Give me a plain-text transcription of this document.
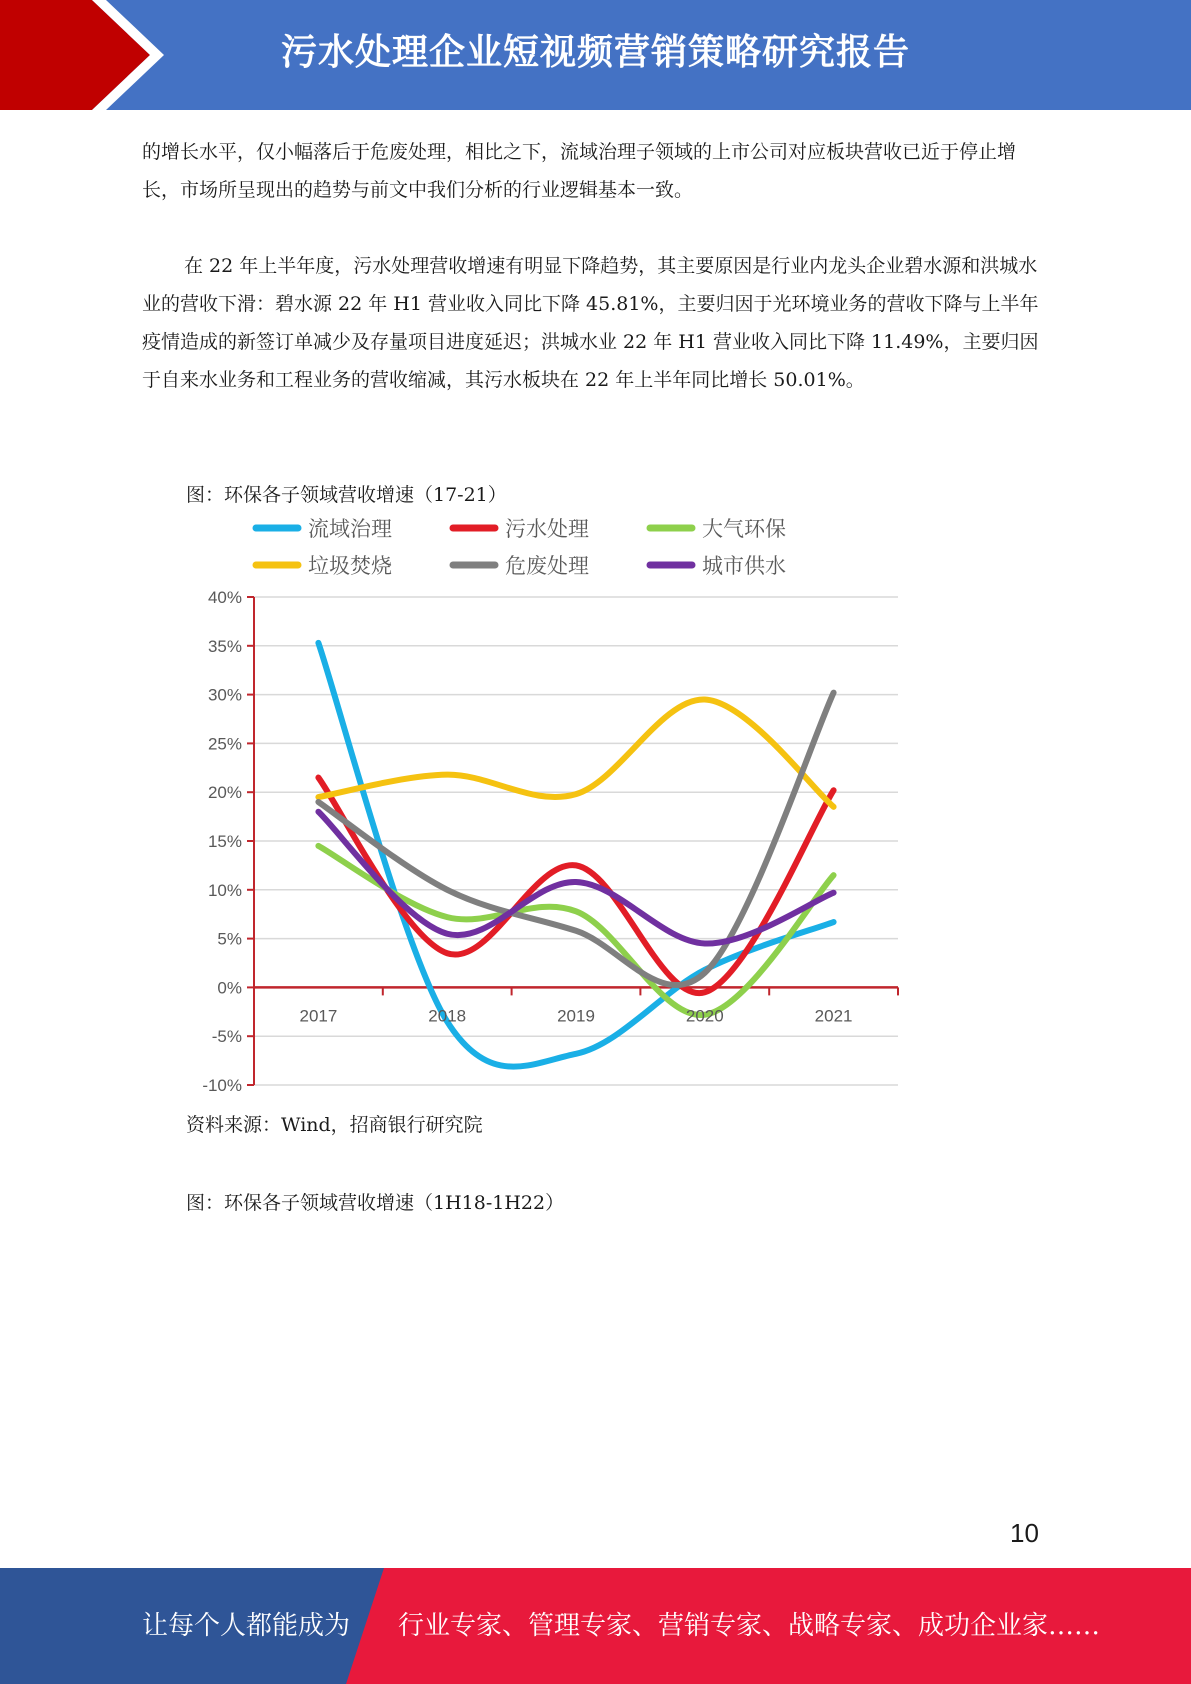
污水处理企业短视频营销策略研究报告

的增长水平，仅小幅落后于危废处理，相比之下，流域治理子领域的上市公司对应板块营收已近于停止增长，市场所呈现出的趋势与前文中我们分析的行业逻辑基本一致。

在 22 年上半年度，污水处理营收增速有明显下降趋势，其主要原因是行业内龙头企业碧水源和洪城水业的营收下滑：碧水源 22 年 H1 营业收入同比下降 45.81%，主要归因于光环境业务的营收下降与上半年疫情造成的新签订单减少及存量项目进度延迟；洪城水业 22 年 H1 营业收入同比下降 11.49%，主要归因于自来水业务和工程业务的营收缩减，其污水板块在 22 年上半年同比增长 50.01%。

图：环保各子领域营收增速（17-21）
-10%
-5%
0%
5%
10%
15%
20%
25%
30%
35%
40%
2017	2018	2019	2020	2021
流域治理	污水处理	大气环保
垃圾焚烧	危废处理	城市供水
资料来源：Wind，招商银行研究院
图：环保各子领域营收增速（1H18-1H22）
10
让每个人都能成为 行业专家、管理专家、营销专家、战略专家、成功企业家……
